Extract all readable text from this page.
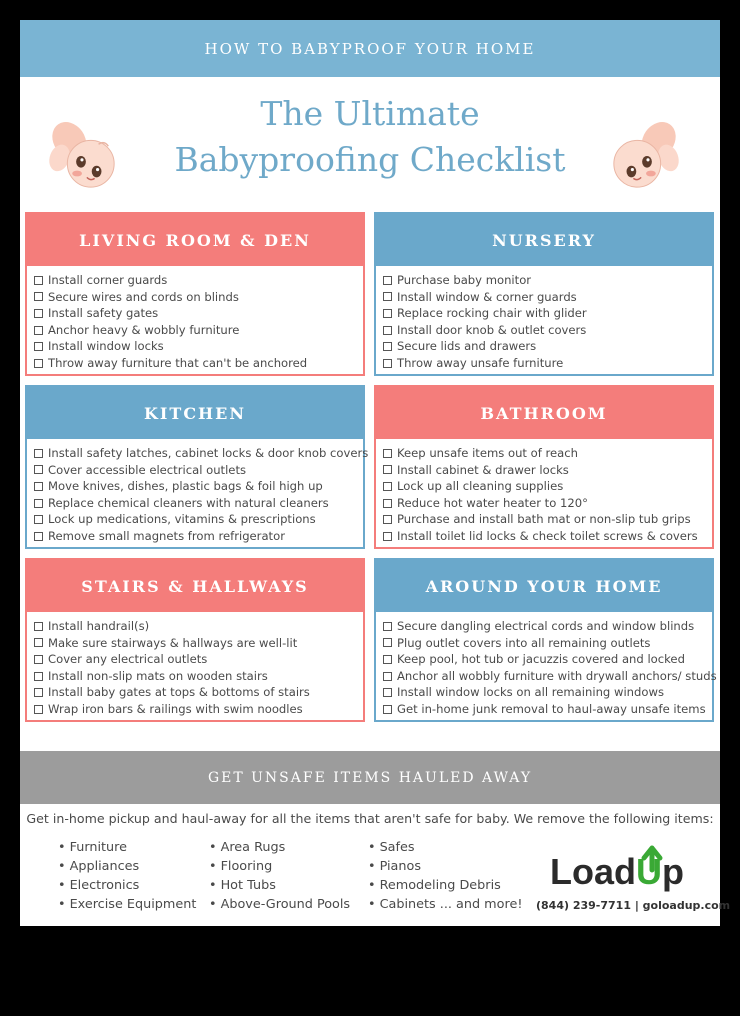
HOW TO BABYPROOF YOUR HOME
The Ultimate
Babyproofing Checklist
LIVING ROOM & DEN
Install corner guards
Secure wires and cords on blinds
Install safety gates
Anchor heavy & wobbly furniture
Install window locks
Throw away furniture that can't be anchored
NURSERY
Purchase baby monitor
Install window & corner guards
Replace rocking chair with glider
Install door knob & outlet covers
Secure lids and drawers
Throw away unsafe furniture
KITCHEN
Install safety latches, cabinet locks & door knob covers
Cover accessible electrical outlets
Move knives, dishes, plastic bags & foil high up
Replace chemical cleaners with natural cleaners
Lock up medications, vitamins & prescriptions
Remove small magnets from refrigerator
BATHROOM
Keep unsafe items out of reach
Install cabinet & drawer locks
Lock up all cleaning supplies
Reduce hot water heater to 120°
Purchase and install bath mat or non-slip tub grips
Install toilet lid locks & check toilet screws & covers
STAIRS & HALLWAYS
Install handrail(s)
Make sure stairways & hallways are well-lit
Cover any electrical outlets
Install non-slip mats on wooden stairs
Install baby gates at tops & bottoms of stairs
Wrap iron bars & railings with swim noodles
AROUND YOUR HOME
Secure dangling electrical cords and window blinds
Plug outlet covers into all remaining outlets
Keep pool, hot tub or jacuzzis covered and locked
Anchor all wobbly furniture with drywall anchors/ studs
Install window locks on all remaining windows
Get in-home junk removal to haul-away unsafe items
GET UNSAFE ITEMS HAULED AWAY
Get in-home pickup and haul-away for all the items that aren't safe for baby. We remove the following items:
• Furniture
• Appliances
• Electronics
• Exercise Equipment
• Area Rugs
• Flooring
• Hot Tubs
• Above-Ground Pools
• Safes
• Pianos
• Remodeling Debris
• Cabinets ... and more!
Load U p
(844) 239-7711 | goloadup.com
